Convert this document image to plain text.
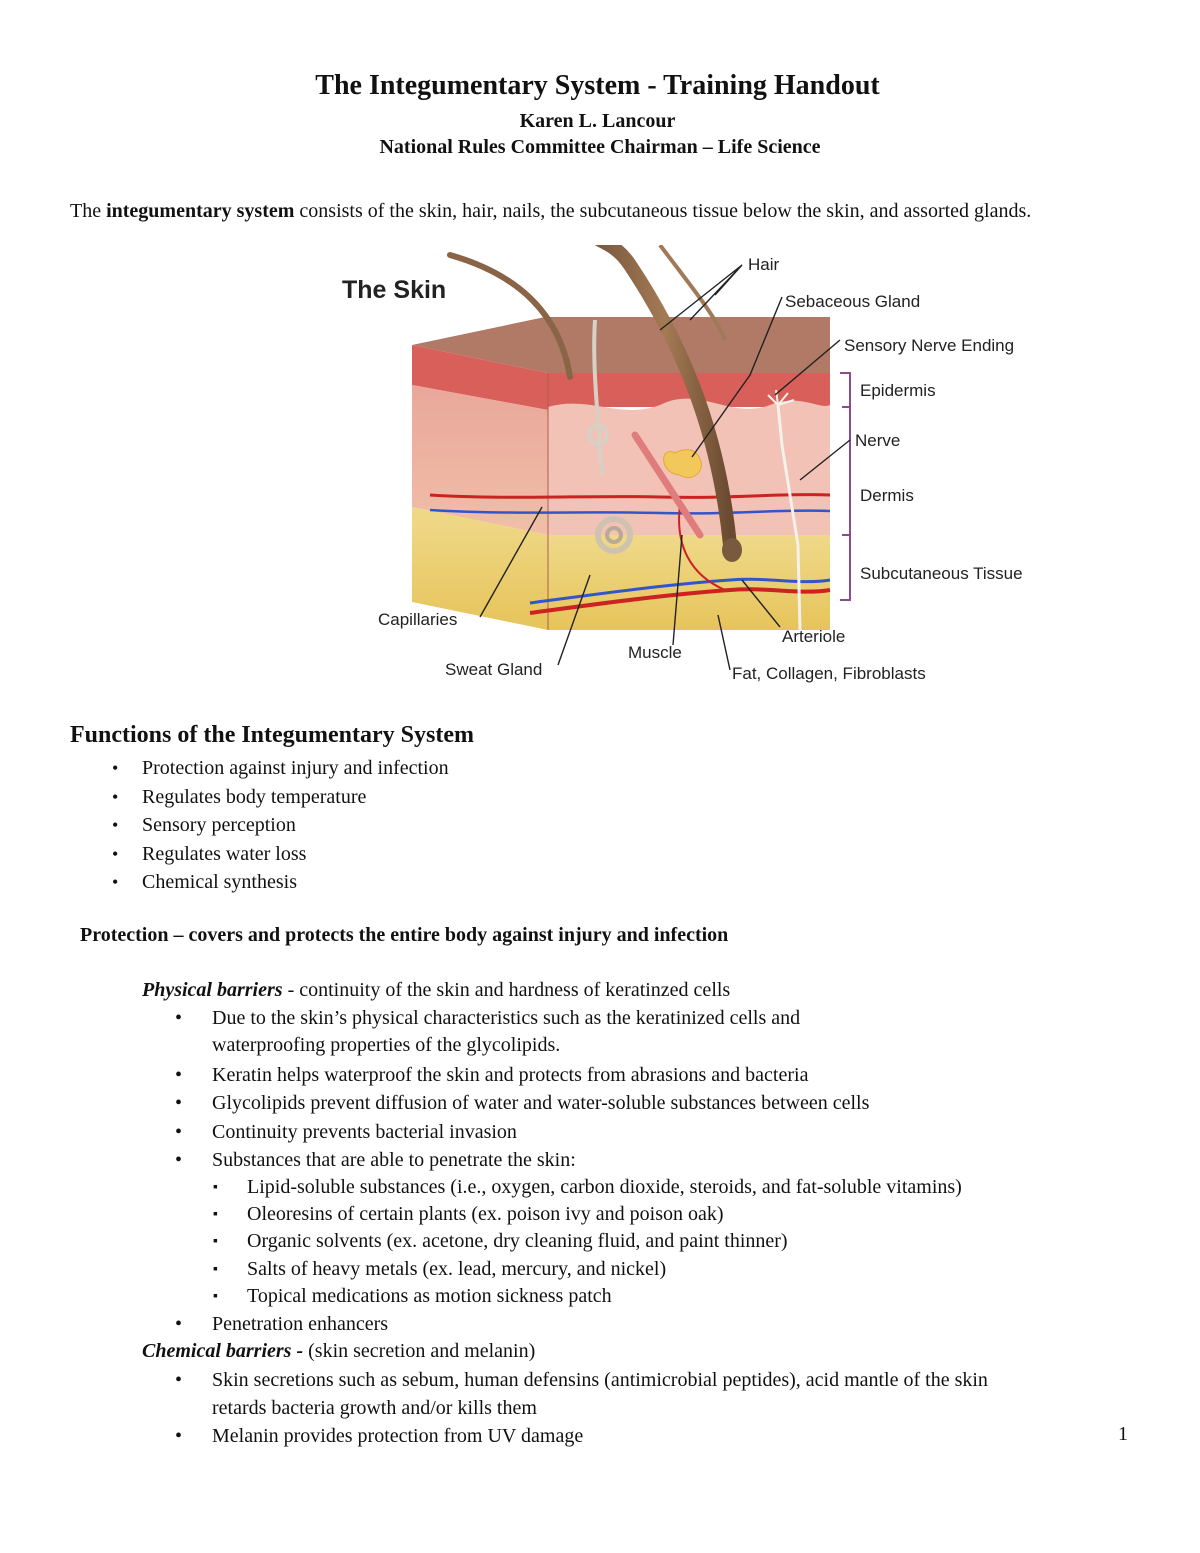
The Integumentary System - Training Handout
Karen L. Lancour
National Rules Committee Chairman – Life Science
The integumentary system consists of the skin, hair, nails, the subcutaneous tissue below the skin, and assorted glands.
The Skin
Hair
Sebaceous Gland
Sensory Nerve Ending
Epidermis
Nerve
Dermis
Subcutaneous Tissue
Capillaries
Arteriole
Muscle
Sweat Gland	Fat, Collagen, Fibroblasts
Functions of the Integumentary System
• Protection against injury and infection
• Regulates body temperature
• Sensory perception
• Regulates water loss
• Chemical synthesis
Protection – covers and protects the entire body against injury and infection
Physical barriers - continuity of the skin and hardness of keratinzed cells
• Due to the skin’s physical characteristics such as the keratinized cells and
waterproofing properties of the glycolipids.
• Keratin helps waterproof the skin and protects from abrasions and bacteria
• Glycolipids prevent diffusion of water and water-soluble substances between cells
• Continuity prevents bacterial invasion
• Substances that are able to penetrate the skin:
▪ Lipid-soluble substances (i.e., oxygen, carbon dioxide, steroids, and fat-soluble vitamins)
▪ Oleoresins of certain plants (ex. poison ivy and poison oak)
▪ Organic solvents (ex. acetone, dry cleaning fluid, and paint thinner)
▪ Salts of heavy metals (ex. lead, mercury, and nickel)
▪ Topical medications as motion sickness patch
• Penetration enhancers
Chemical barriers - (skin secretion and melanin)
• Skin secretions such as sebum, human defensins (antimicrobial peptides), acid mantle of the skin
retards bacteria growth and/or kills them
• Melanin provides protection from UV damage	1
